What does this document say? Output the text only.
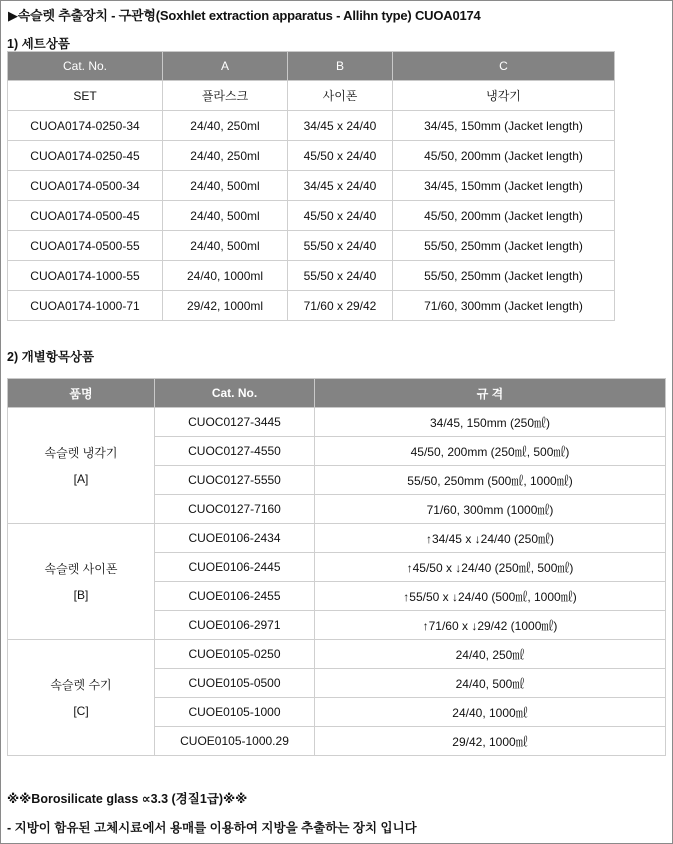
▶속슬렛 추출장치 - 구관형(Soxhlet extraction apparatus - Allihn type) CUOA0174
1) 세트상품
Cat. No.	A	B	C
SET	플라스크	사이폰	냉각기
CUOA0174-0250-34	24/40, 250ml	34/45 x 24/40	34/45, 150mm (Jacket length)
CUOA0174-0250-45	24/40, 250ml	45/50 x 24/40	45/50, 200mm (Jacket length)
CUOA0174-0500-34	24/40, 500ml	34/45 x 24/40	34/45, 150mm (Jacket length)
CUOA0174-0500-45	24/40, 500ml	45/50 x 24/40	45/50, 200mm (Jacket length)
CUOA0174-0500-55	24/40, 500ml	55/50 x 24/40	55/50, 250mm (Jacket length)
CUOA0174-1000-55	24/40, 1000ml	55/50 x 24/40	55/50, 250mm (Jacket length)
CUOA0174-1000-71	29/42, 1000ml	71/60 x 29/42	71/60, 300mm (Jacket length)
2) 개별항목상품
품명	Cat. No.	규 격

속슬렛 냉각기
[A]	CUOC0127-3445	34/45, 150mm (250㎖)
	CUOC0127-4550	45/50, 200mm (250㎖, 500㎖)
	CUOC0127-5550	55/50, 250mm (500㎖, 1000㎖)
	CUOC0127-7160	71/60, 300mm (1000㎖)

속슬렛 사이폰
[B]	CUOE0106-2434	↑34/45 x ↓24/40 (250㎖)
	CUOE0106-2445	↑45/50 x ↓24/40 (250㎖, 500㎖)
	CUOE0106-2455	↑55/50 x ↓24/40 (500㎖, 1000㎖)
	CUOE0106-2971	↑71/60 x ↓29/42 (1000㎖)

속슬렛 수기
[C]	CUOE0105-0250	24/40, 250㎖
	CUOE0105-0500	24/40, 500㎖
	CUOE0105-1000	24/40, 1000㎖
	CUOE0105-1000.29	29/42, 1000㎖
※※Borosilicate glass ∝3.3 (경질1급)※※
- 지방이 함유된 고체시료에서 용매를 이용하여 지방을 추출하는 장치 입니다
